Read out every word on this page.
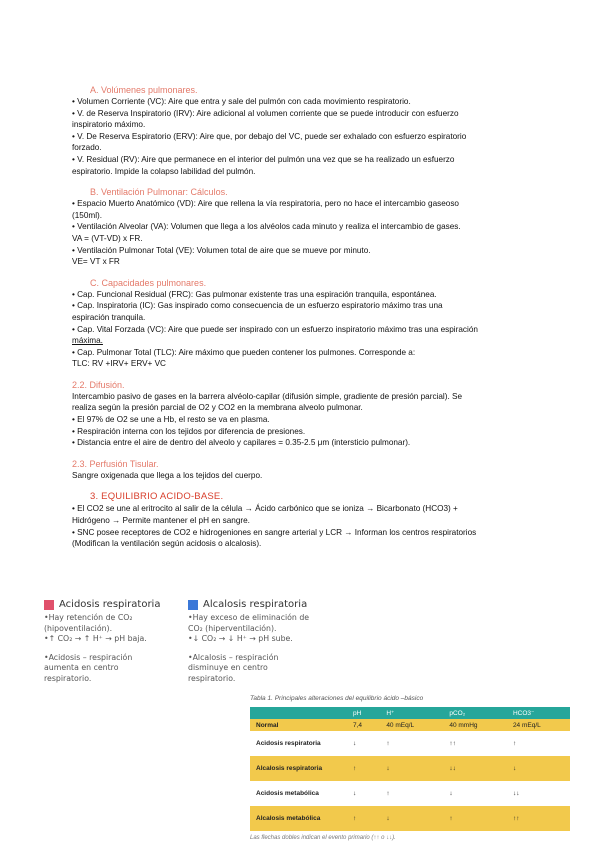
A. Volúmenes pulmonares.

• Volumen Corriente (VC): Aire que entra y sale del pulmón con cada movimiento respiratorio.

• V. de Reserva Inspiratorio (IRV): Aire adicional al volumen corriente que se puede introducir con esfuerzo

inspiratorio máximo.

• V. De Reserva Espiratorio (ERV): Aire que, por debajo del VC, puede ser exhalado con esfuerzo espiratorio

forzado.

• V. Residual (RV): Aire que permanece en el interior del pulmón una vez que se ha realizado un esfuerzo

espiratorio. Impide la colapso labilidad del pulmón.

B. Ventilación Pulmonar: Cálculos.

• Espacio Muerto Anatómico (VD): Aire que rellena la vía respiratoria, pero no hace el intercambio gaseoso

(150ml).

• Ventilación Alveolar (VA): Volumen que llega a los alvéolos cada minuto y realiza el intercambio de gases.

VA = (VT-VD) x FR.

• Ventilación Pulmonar Total (VE): Volumen total de aire que se mueve por minuto.

VE= VT x FR

C. Capacidades pulmonares.

• Cap. Funcional Residual (FRC): Gas pulmonar existente tras una espiración tranquila, espontánea.

• Cap. Inspiratoria (IC): Gas inspirado como consecuencia de un esfuerzo espiratorio máximo tras una

espiración tranquila.

• Cap. Vital Forzada (VC): Aire que puede ser inspirado con un esfuerzo inspiratorio máximo tras una espiración

máxima.

• Cap. Pulmonar Total (TLC): Aire máximo que pueden contener los pulmones. Corresponde a:

TLC: RV +IRV+ ERV+ VC

2.2. Difusión.

Intercambio pasivo de gases en la barrera alvéolo-capilar (difusión simple, gradiente de presión parcial). Se

realiza según la presión parcial de O2 y CO2 en la membrana alveolo pulmonar.

• El 97% de O2 se une a Hb, el resto se va en plasma.

• Respiración interna con los tejidos por diferencia de presiones.

• Distancia entre el aire de dentro del alveolo y capilares = 0.35-2.5 μm (intersticio pulmonar).

2.3. Perfusión Tisular.

Sangre oxigenada que llega a los tejidos del cuerpo.

3. EQUILIBRIO ACIDO-BASE.

• El CO2 se une al eritrocito al salir de la célula → Ácido carbónico que se ioniza → Bicarbonato (HCO3) +

Hidrógeno → Permite mantener el pH en sangre.

• SNC posee receptores de CO2 e hidrogeniones en sangre arterial y LCR → Informan los centros respiratorios

(Modifican la ventilación según acidosis o alcalosis).

Acidosis respiratoria

•Hay retención de CO₂

(hipoventilación).

•↑ CO₂ → ↑ H⁺ → pH baja.

•Acidosis – respiración

aumenta en centro

respiratorio.

Alcalosis respiratoria

•Hay exceso de eliminación de

CO₂ (hiperventilación).

•↓ CO₂ → ↓ H⁺ → pH sube.

•Alcalosis – respiración

disminuye en centro

respiratorio.

Tabla 1. Principales alteraciones del equilibrio ácido –básico
	pH	H⁺	pCO₂	HCO3⁻
Normal	7,4	40 mEq/L	40 mmHg	24 mEq/L
Acidosis respiratoria	↓	↑	↑↑	↑
Alcalosis respiratoria	↑	↓	↓↓	↓
Acidosis metabólica	↓	↑	↓	↓↓
Alcalosis metabólica	↑	↓	↑	↑↑
Las flechas dobles indican el evento primario (↑↑ o ↓↓).
